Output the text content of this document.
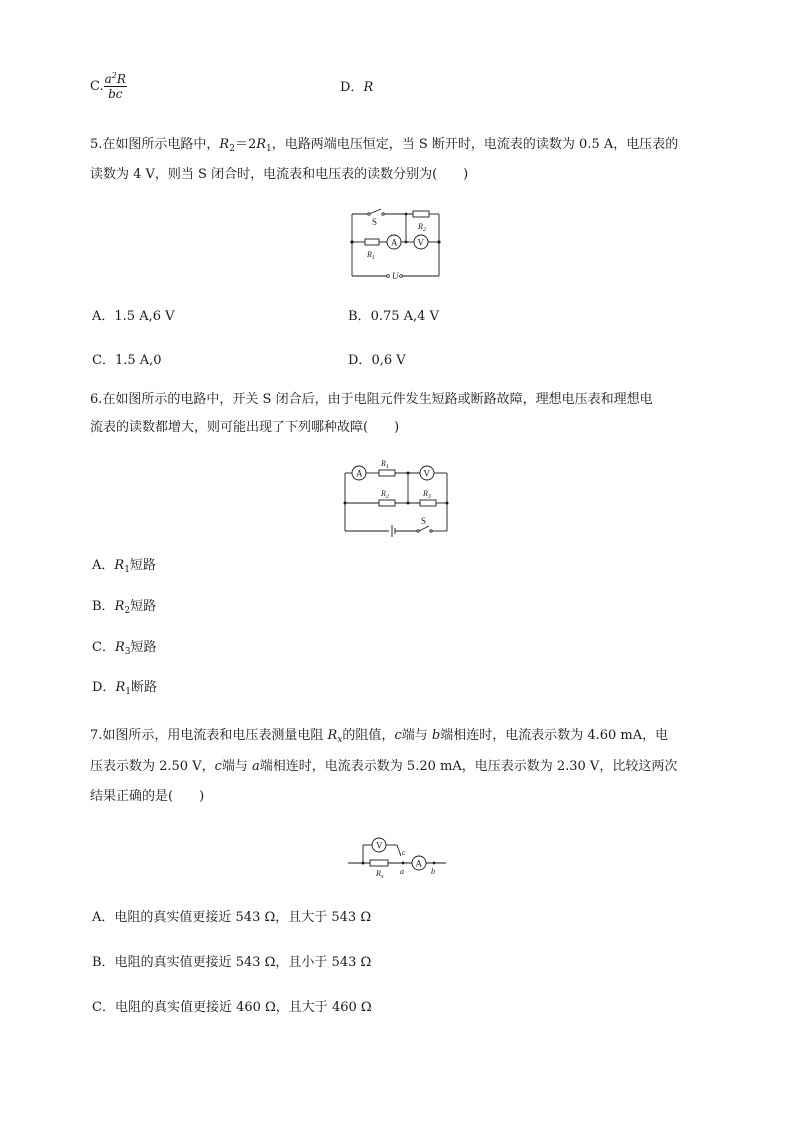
C. $\frac{a^2R}{bc}$	D．R
5.在如图所示电路中，$R_2=2R_1$，电路两端电压恒定，当 S 断开时，电流表的读数为 0.5 A，电压表的
读数为 4 V，则当 S 闭合时，电流表和电压表的读数分别为(　　)
S	$R_2$
$R_1$
A V
U
A．1.5 A,6 V	B．0.75 A,4 V
C．1.5 A,0	D．0,6 V
6.在如图所示的电路中，开关 S 闭合后，由于电阻元件发生短路或断路故障，理想电压表和理想电
流表的读数都增大，则可能出现了下列哪种故障(　　)
A	V
$R_1$
$R_2$	$R_3$
S
A．$R_1$短路
B．$R_2$短路
C．$R_3$短路
D．$R_1$断路
7.如图所示，用电流表和电压表测量电阻 $R_x$的阻值，c端与 b端相连时，电流表示数为 4.60 mA，电
压表示数为 2.50 V，c端与 a端相连时，电流表示数为 5.20 mA，电压表示数为 2.30 V，比较这两次
结果正确的是(　　)
V
A
c
a	b
$R_x$
A．电阻的真实值更接近 543 Ω，且大于 543 Ω
B．电阻的真实值更接近 543 Ω，且小于 543 Ω
C．电阻的真实值更接近 460 Ω，且大于 460 Ω
